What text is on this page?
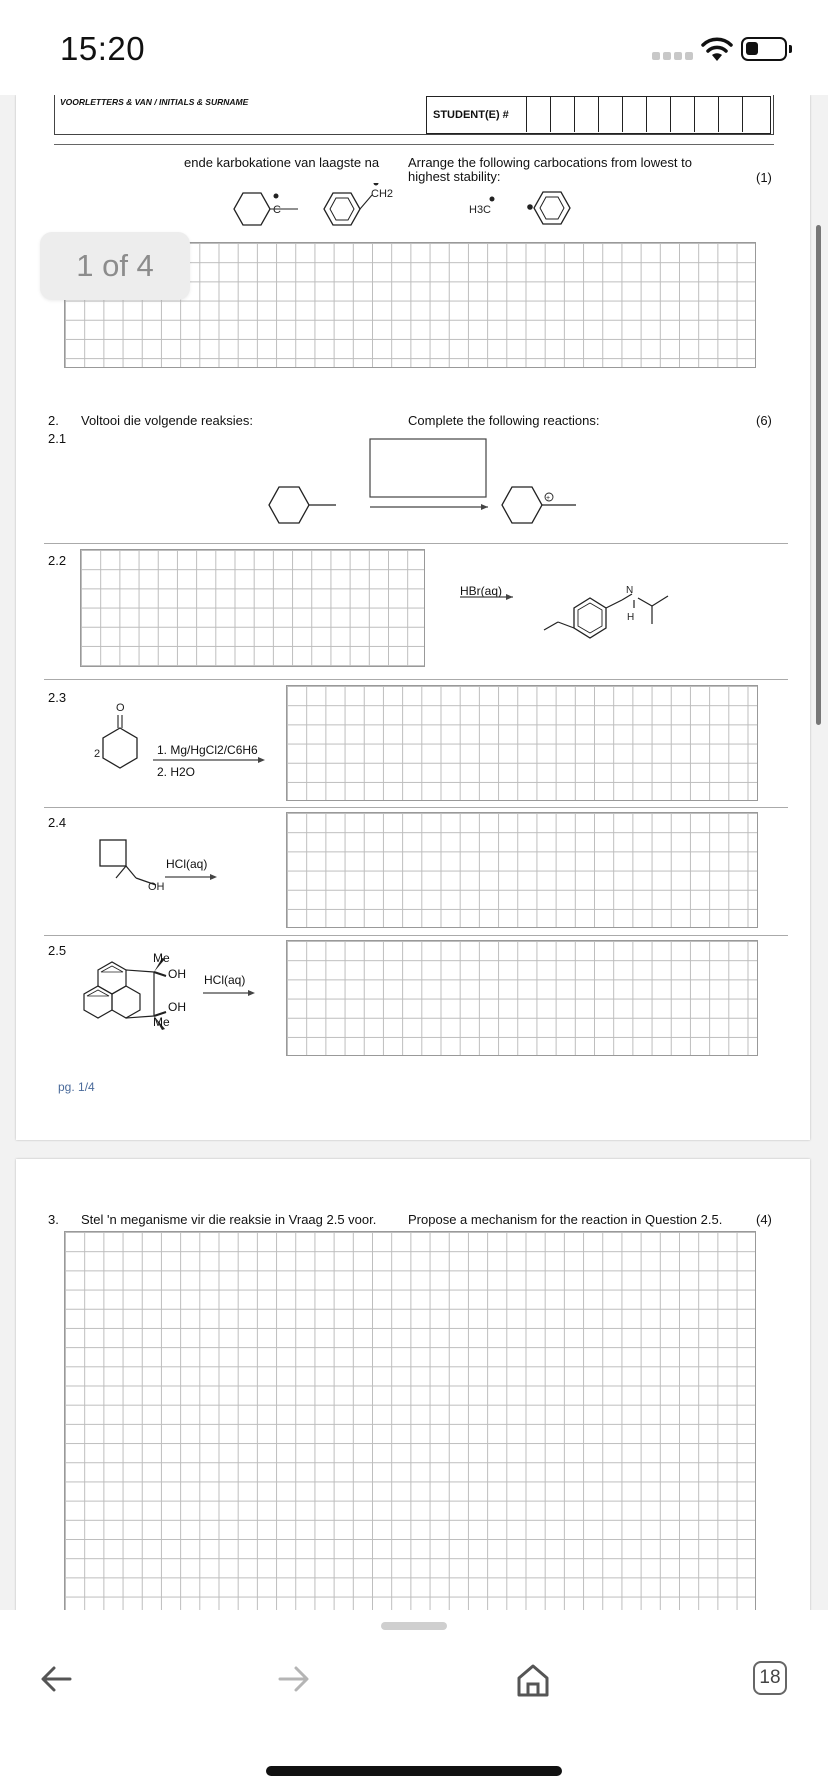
15:20
VOORLETTERS & VAN / INITIALS & SURNAME
STUDENT(E) #
ende karbokatione van laagste na Arrange the following carbocations from lowest to
highest stability:	(1)
C
CH2
H3C
2. Voltooi die volgende reaksies:	Complete the following reactions:	(6)
2.1
+
2.2
HBr(aq)	N
H
2.3
2
O
1. Mg/HgCl2/C6H6
2. H2O
2.4
OH
HCl(aq)
2.5	Me
OH
OH
Me
HCl(aq)
pg. 1/4
3. Stel 'n meganisme vir die reaksie in Vraag 2.5 voor. Propose a mechanism for the reaction in Question 2.5.	(4)
1 of 4
18
